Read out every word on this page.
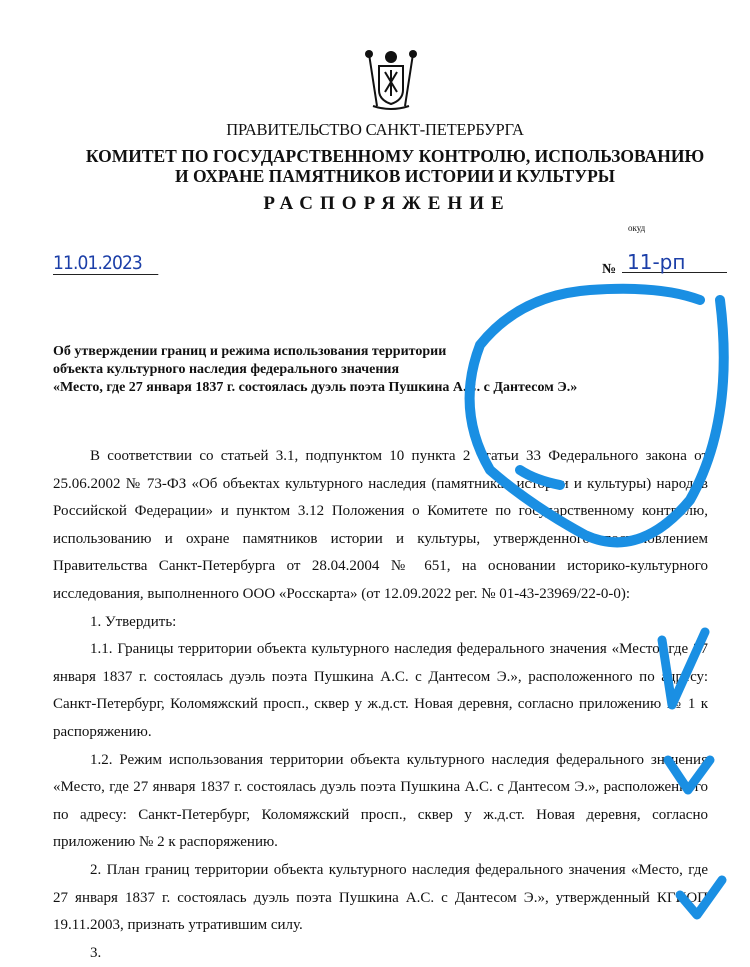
ПРАВИТЕЛЬСТВО САНКТ-ПЕТЕРБУРГА
КОМИТЕТ ПО ГОСУДАРСТВЕННОМУ КОНТРОЛЮ, ИСПОЛЬЗОВАНИЮ
И ОХРАНЕ ПАМЯТНИКОВ ИСТОРИИ И КУЛЬТУРЫ
РАСПОРЯЖЕНИЕ
окуд
11.01.2023	№ 11-рп
Об утверждении границ и режима использования территории
объекта культурного наследия федерального значения
«Место, где 27 января 1837 г. состоялась дуэль поэта Пушкина А.С. с Дантесом Э.»

В соответствии со статьей 3.1, подпунктом 10 пункта 2 статьи 33 Федерального закона от 25.06.2002 № 73-ФЗ «Об объектах культурного наследия (памятниках истории и культуры) народов Российской Федерации» и пунктом 3.12 Положения о Комитете по государственному контролю, использованию и охране памятников истории и культуры, утвержденного постановлением Правительства Санкт-Петербурга от 28.04.2004 № 651, на основании историко-культурного исследования, выполненного ООО «Росскарта» (от 12.09.2022 рег. № 01-43-23969/22-0-0):

1. Утвердить:

1.1. Границы территории объекта культурного наследия федерального значения «Место, где 27 января 1837 г. состоялась дуэль поэта Пушкина А.С. с Дантесом Э.», расположенного по адресу: Санкт-Петербург, Коломяжский просп., сквер у ж.д.ст. Новая деревня, согласно приложению № 1 к распоряжению.

1.2. Режим использования территории объекта культурного наследия федерального значения «Место, где 27 января 1837 г. состоялась дуэль поэта Пушкина А.С. с Дантесом Э.», расположенного по адресу: Санкт-Петербург, Коломяжский просп., сквер у ж.д.ст. Новая деревня, согласно приложению № 2 к распоряжению.

2. План границ территории объекта культурного наследия федерального значения «Место, где 27 января 1837 г. состоялась дуэль поэта Пушкина А.С. с Дантесом Э.», утвержденный КГИОП 19.11.2003, признать утратившим силу.

3.
